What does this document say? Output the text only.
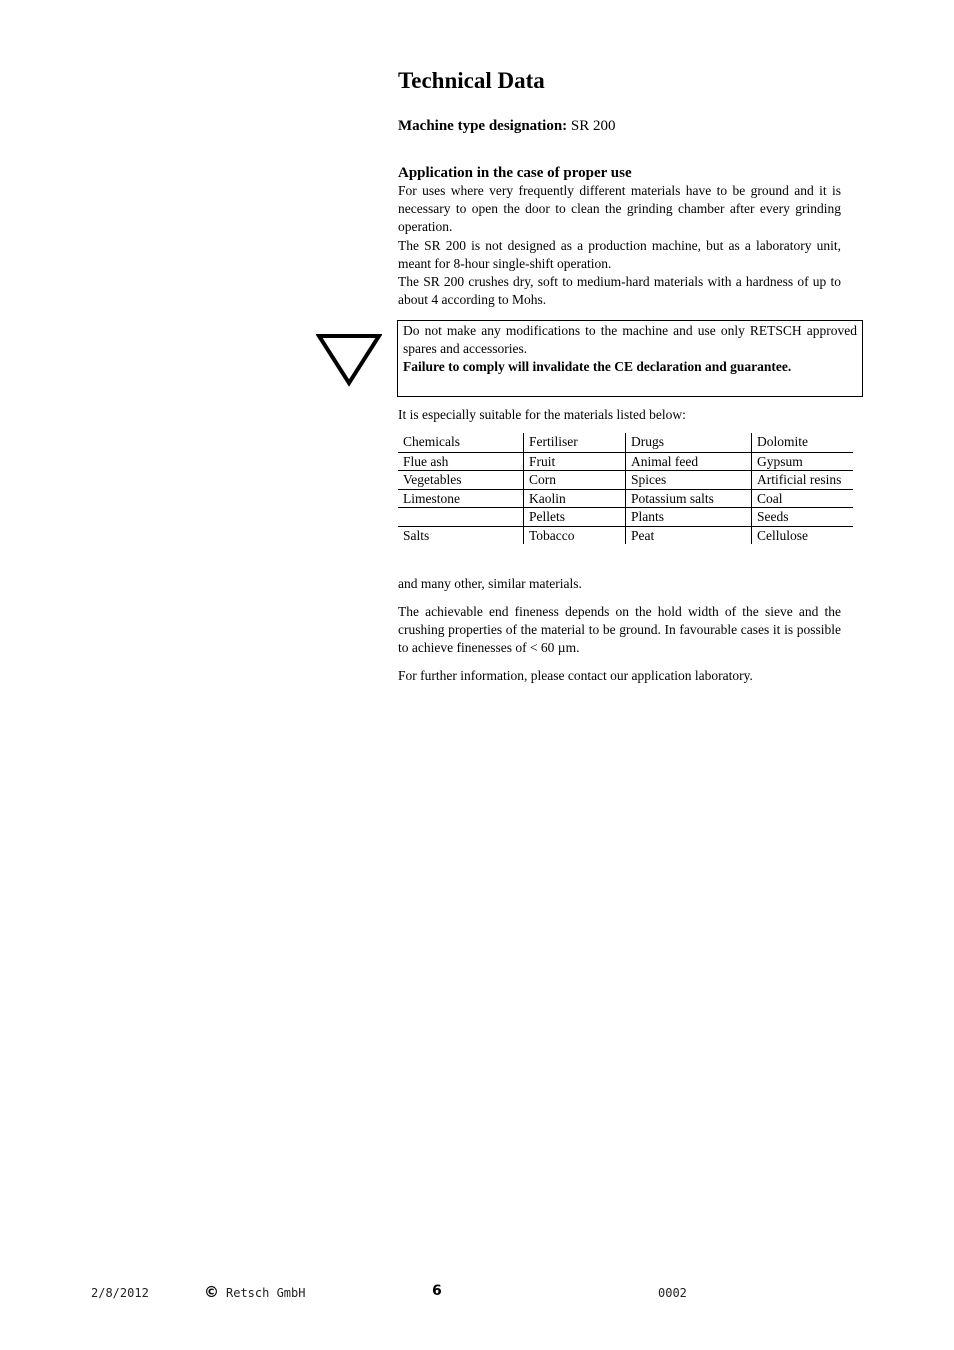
Technical Data
Machine type designation: SR 200
Application in the case of proper use

For uses where very frequently different materials have to be ground and it is necessary to open the door to clean the grinding chamber after every grinding operation.

The SR 200 is not designed as a production machine, but as a laboratory unit, meant for 8-hour single-shift operation.

The SR 200 crushes dry, soft to medium-hard materials with a hardness of up to about 4 according to Mohs.

Do not make any modifications to the machine and use only RETSCH approved spares and accessories.
Failure to comply will invalidate the CE declaration and guarantee.
It is especially suitable for the materials listed below:
Chemicals	Fertiliser	Drugs	Dolomite
Flue ash	Fruit	Animal feed	Gypsum
Vegetables	Corn	Spices	Artificial resins
Limestone	Kaolin	Potassium salts	Coal
	Pellets	Plants	Seeds
Salts	Tobacco	Peat	Cellulose
and many other, similar materials.
The achievable end fineness depends on the hold width of the sieve and the crushing properties of the material to be ground. In favourable cases it is possible to achieve finenesses of < 60 µm.
For further information, please contact our application laboratory.
2/8/2012	© Retsch GmbH	6	0002
